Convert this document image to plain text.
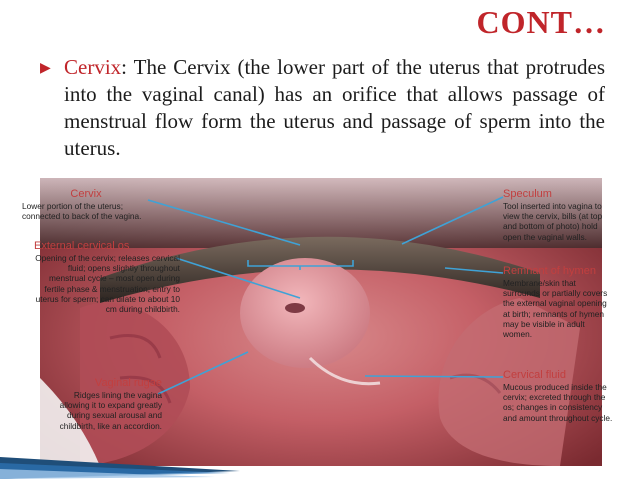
CONT…
▶ Cervix: The Cervix (the lower part of the uterus that protrudes into the vaginal canal) has an orifice that allows passage of menstrual flow form the uterus and passage of sperm into the uterus.
Cervix
Lower portion of the uterus; connected to back of the vagina.
External cervical os
Opening of the cervix; releases cervical fluid; opens slightly throughout menstrual cycle – most open during fertile phase & menstruation; entry to uterus for sperm; can dilate to about 10 cm during childbirth.
Vaginal rugae
Ridges lining the vagina allowing it to expand greatly during sexual arousal and childbirth, like an accordion.
Speculum
Tool inserted into vagina to view the cervix, bills (at top and bottom of photo) hold open the vaginal walls.
Remnant of hymen
Membrane/skin that surrounds or partially covers the external vaginal opening at birth; remnants of hymen may be visible in adult women.
Cervical fluid
Mucous produced inside the cervix; excreted through the os; changes in consistency and amount throughout cycle.
